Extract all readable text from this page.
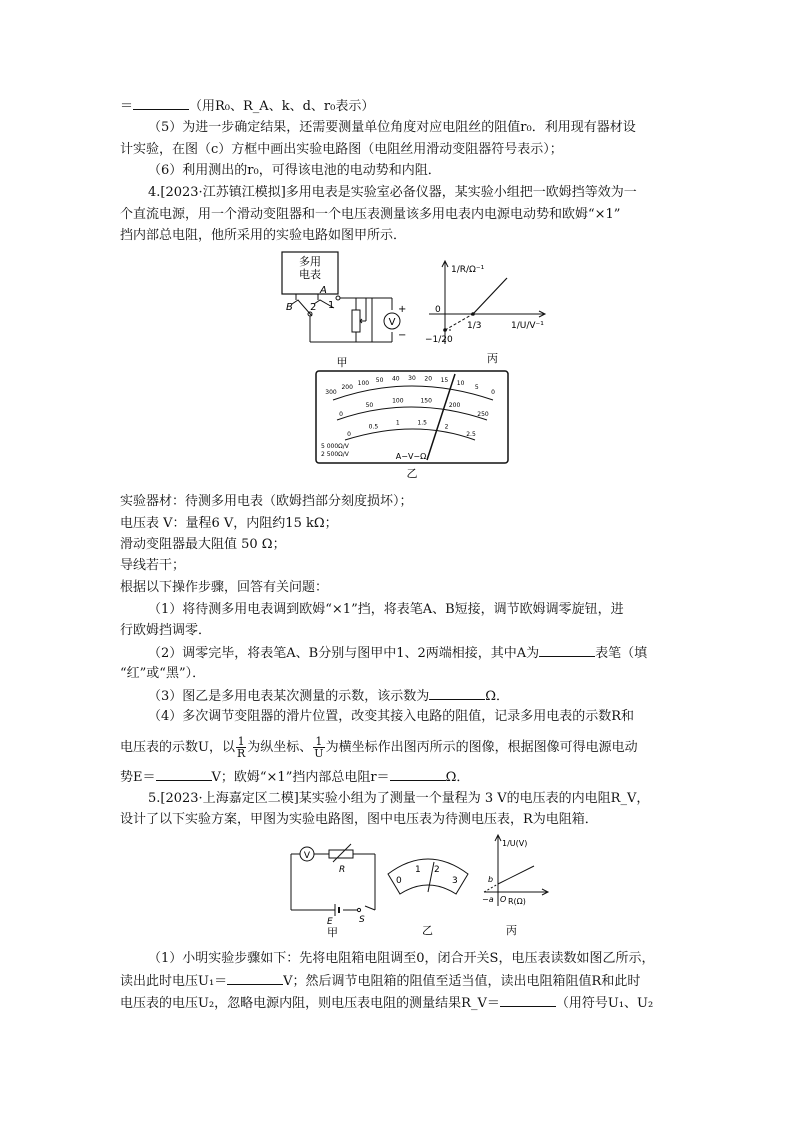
＝	（用R₀、R_A、k、d、r₀表示）
（5）为进一步确定结果，还需要测量单位角度对应电阻丝的阻值r₀．利用现有器材设
计实验，在图（c）方框中画出实验电路图（电阻丝用滑动变阻器符号表示）；
（6）利用测出的r₀，可得该电池的电动势和内阻．
4.[2023·江苏镇江模拟]多用电表是实验室必备仪器，某实验小组把一欧姆挡等效为一
个直流电源，用一个滑动变阻器和一个电压表测量该多用电表内电源电动势和欧姆“×1”
挡内部总电阻，他所采用的实验电路如图甲所示．
多用
电表
A
B	1
2
V
+
−
甲
1/R/Ω⁻¹
1/U/V⁻¹
0
1/3
−1/20
丙
300
200
100 50 40 30 20 15 10
5
0
0
50
100	150
200
250
0
0.5
1	1.5
2
2.5
5 000Ω/V
2 500Ω/V	A−V−Ω
乙
实验器材：待测多用电表（欧姆挡部分刻度损坏）；
电压表 V：量程6 V，内阻约15 kΩ；
滑动变阻器最大阻值 50 Ω；
导线若干；
根据以下操作步骤，回答有关问题：
（1）将待测多用电表调到欧姆“×1”挡，将表笔A、B短接，调节欧姆调零旋钮，进
行欧姆挡调零．
（2）调零完毕，将表笔A、B分别与图甲中1、2两端相接，其中A为	表笔（填
“红”或“黑”）．
（3）图乙是多用电表某次测量的示数，该示数为	Ω．
（4）多次调节变阻器的滑片位置，改变其接入电路的阻值，记录多用电表的示数R和
电压表的示数U，以 $\frac{1}{R}$ 为纵坐标、 $\frac{1}{U}$ 为横坐标作出图丙所示的图像，根据图像可得电源电动
势E＝	V；欧姆“×1”挡内部总电阻r＝	Ω．
5.[2023·上海嘉定区二模]某实验小组为了测量一个量程为 3 V的电压表的内电阻R_V，
设计了以下实验方案，甲图为实验电路图，图中电压表为待测电压表，R为电阻箱．
V
R
E	S
甲
0
1 2
3
乙
1/U(V)
b
−a O R(Ω)
丙
（1）小明实验步骤如下：先将电阻箱电阻调至0，闭合开关S，电压表读数如图乙所示，
读出此时电压U₁＝	V；然后调节电阻箱的阻值至适当值，读出电阻箱阻值R和此时
电压表的电压U₂，忽略电源内阻，则电压表电阻的测量结果R_V＝	（用符号U₁、U₂
